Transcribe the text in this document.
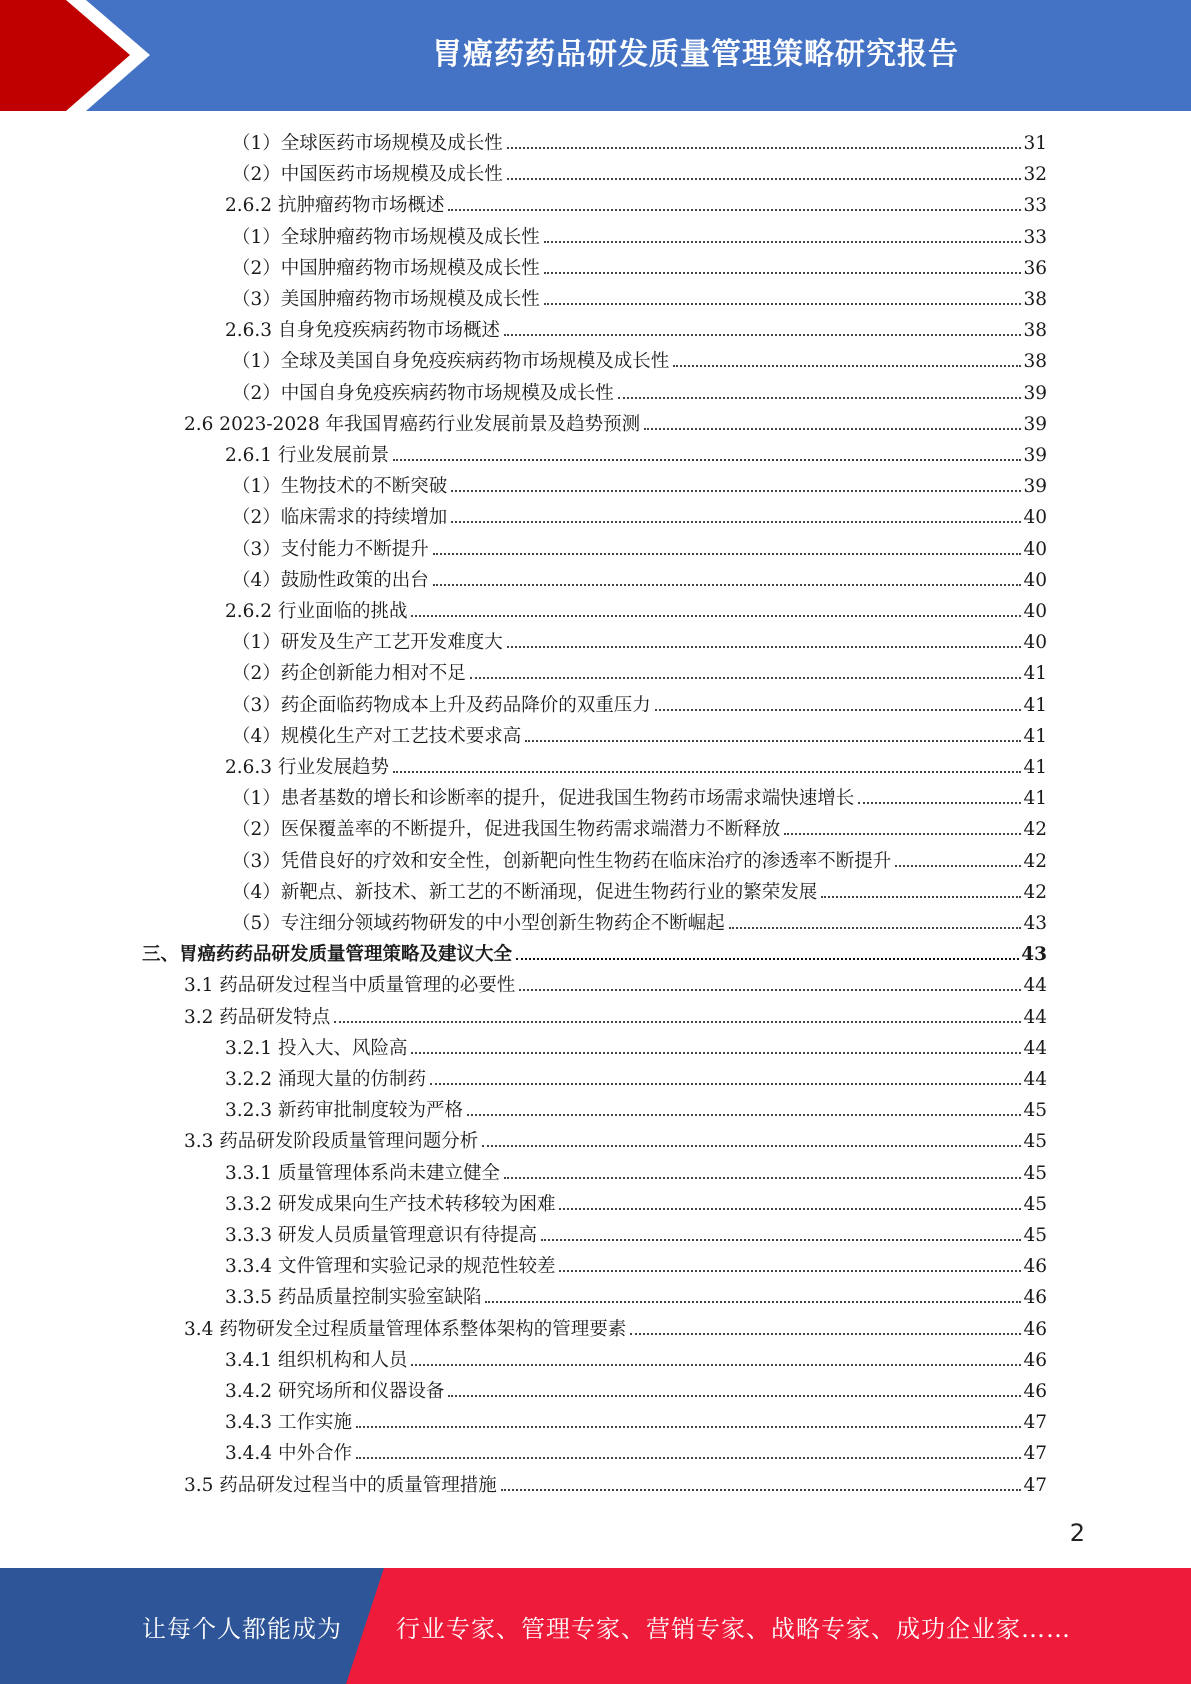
胃癌药药品研发质量管理策略研究报告
（1）全球医药市场规模及成长性	31
（2）中国医药市场规模及成长性	32
2.6.2 抗肿瘤药物市场概述	33
（1）全球肿瘤药物市场规模及成长性	33
（2）中国肿瘤药物市场规模及成长性	36
（3）美国肿瘤药物市场规模及成长性	38
2.6.3 自身免疫疾病药物市场概述	38
（1）全球及美国自身免疫疾病药物市场规模及成长性	38
（2）中国自身免疫疾病药物市场规模及成长性	39
2.6 2023-2028 年我国胃癌药行业发展前景及趋势预测	39
2.6.1 行业发展前景	39
（1）生物技术的不断突破	39
（2）临床需求的持续增加	40
（3）支付能力不断提升	40
（4）鼓励性政策的出台	40
2.6.2 行业面临的挑战	40
（1）研发及生产工艺开发难度大	40
（2）药企创新能力相对不足	41
（3）药企面临药物成本上升及药品降价的双重压力	41
（4）规模化生产对工艺技术要求高	41
2.6.3 行业发展趋势	41
（1）患者基数的增长和诊断率的提升，促进我国生物药市场需求端快速增长	41
（2）医保覆盖率的不断提升，促进我国生物药需求端潜力不断释放	42
（3）凭借良好的疗效和安全性，创新靶向性生物药在临床治疗的渗透率不断提升	42
（4）新靶点、新技术、新工艺的不断涌现，促进生物药行业的繁荣发展	42
（5）专注细分领域药物研发的中小型创新生物药企不断崛起	43
三、胃癌药药品研发质量管理策略及建议大全	43
3.1 药品研发过程当中质量管理的必要性	44
3.2 药品研发特点	44
3.2.1 投入大、风险高	44
3.2.2 涌现大量的仿制药	44
3.2.3 新药审批制度较为严格	45
3.3 药品研发阶段质量管理问题分析	45
3.3.1 质量管理体系尚未建立健全	45
3.3.2 研发成果向生产技术转移较为困难	45
3.3.3 研发人员质量管理意识有待提高	45
3.3.4 文件管理和实验记录的规范性较差	46
3.3.5 药品质量控制实验室缺陷	46
3.4 药物研发全过程质量管理体系整体架构的管理要素	46
3.4.1 组织机构和人员	46
3.4.2 研究场所和仪器设备	46
3.4.3 工作实施	47
3.4.4 中外合作	47
3.5 药品研发过程当中的质量管理措施	47
2
让每个人都能成为 行业专家、管理专家、营销专家、战略专家、成功企业家……
